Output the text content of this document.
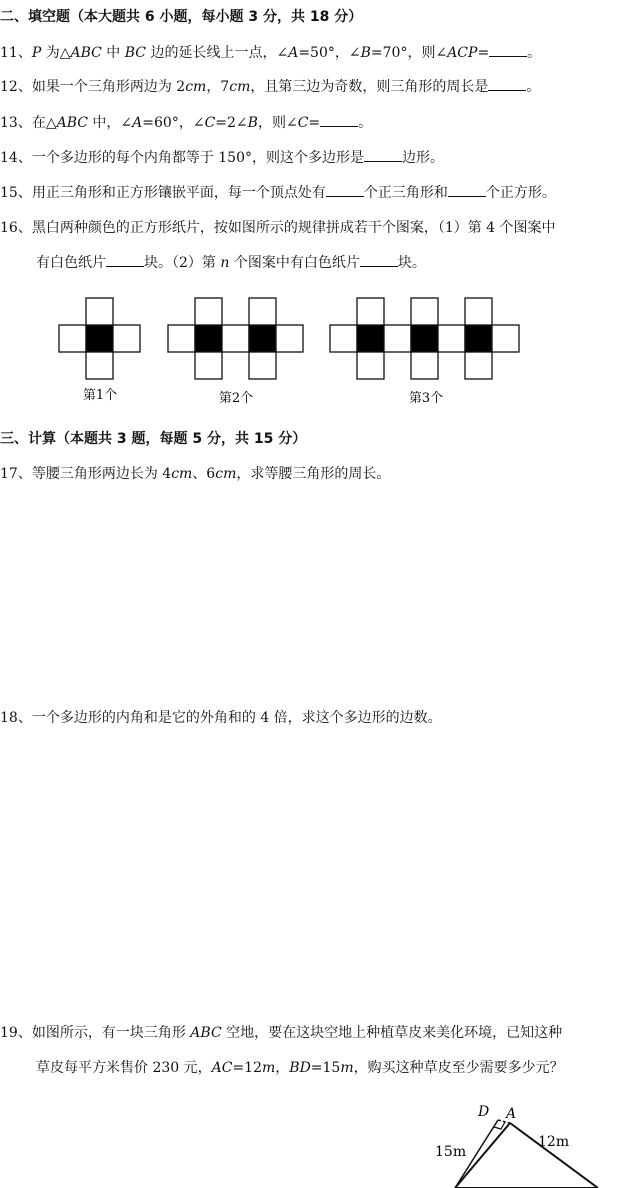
二、填空题（本大题共 6 小题，每小题 3 分，共 18 分）
11、P 为△ABC 中 BC 边的延长线上一点，∠A=50°，∠B=70°，则∠ACP=	。
12、如果一个三角形两边为 2cm，7cm，且第三边为奇数，则三角形的周长是	。
13、在△ABC 中，∠A=60°，∠C=2∠B，则∠C=	。
14、一个多边形的每个内角都等于 150°，则这个多边形是	边形。
15、用正三角形和正方形镶嵌平面，每一个顶点处有	个正三角形和	个正方形。
16、黑白两种颜色的正方形纸片，按如图所示的规律拼成若干个图案，（1）第 4 个图案中
有白色纸片	块。（2）第 n 个图案中有白色纸片	块。
第1个	第2个	第3个
三、计算（本题共 3 题，每题 5 分，共 15 分）
17、等腰三角形两边长为 4cm、6cm，求等腰三角形的周长。
18、一个多边形的内角和是它的外角和的 4 倍，求这个多边形的边数。
19、如图所示，有一块三角形 ABC 空地，要在这块空地上种植草皮来美化环境，已知这种
草皮每平方米售价 230 元，AC=12m，BD=15m，购买这种草皮至少需要多少元？
D A
15m
12m
